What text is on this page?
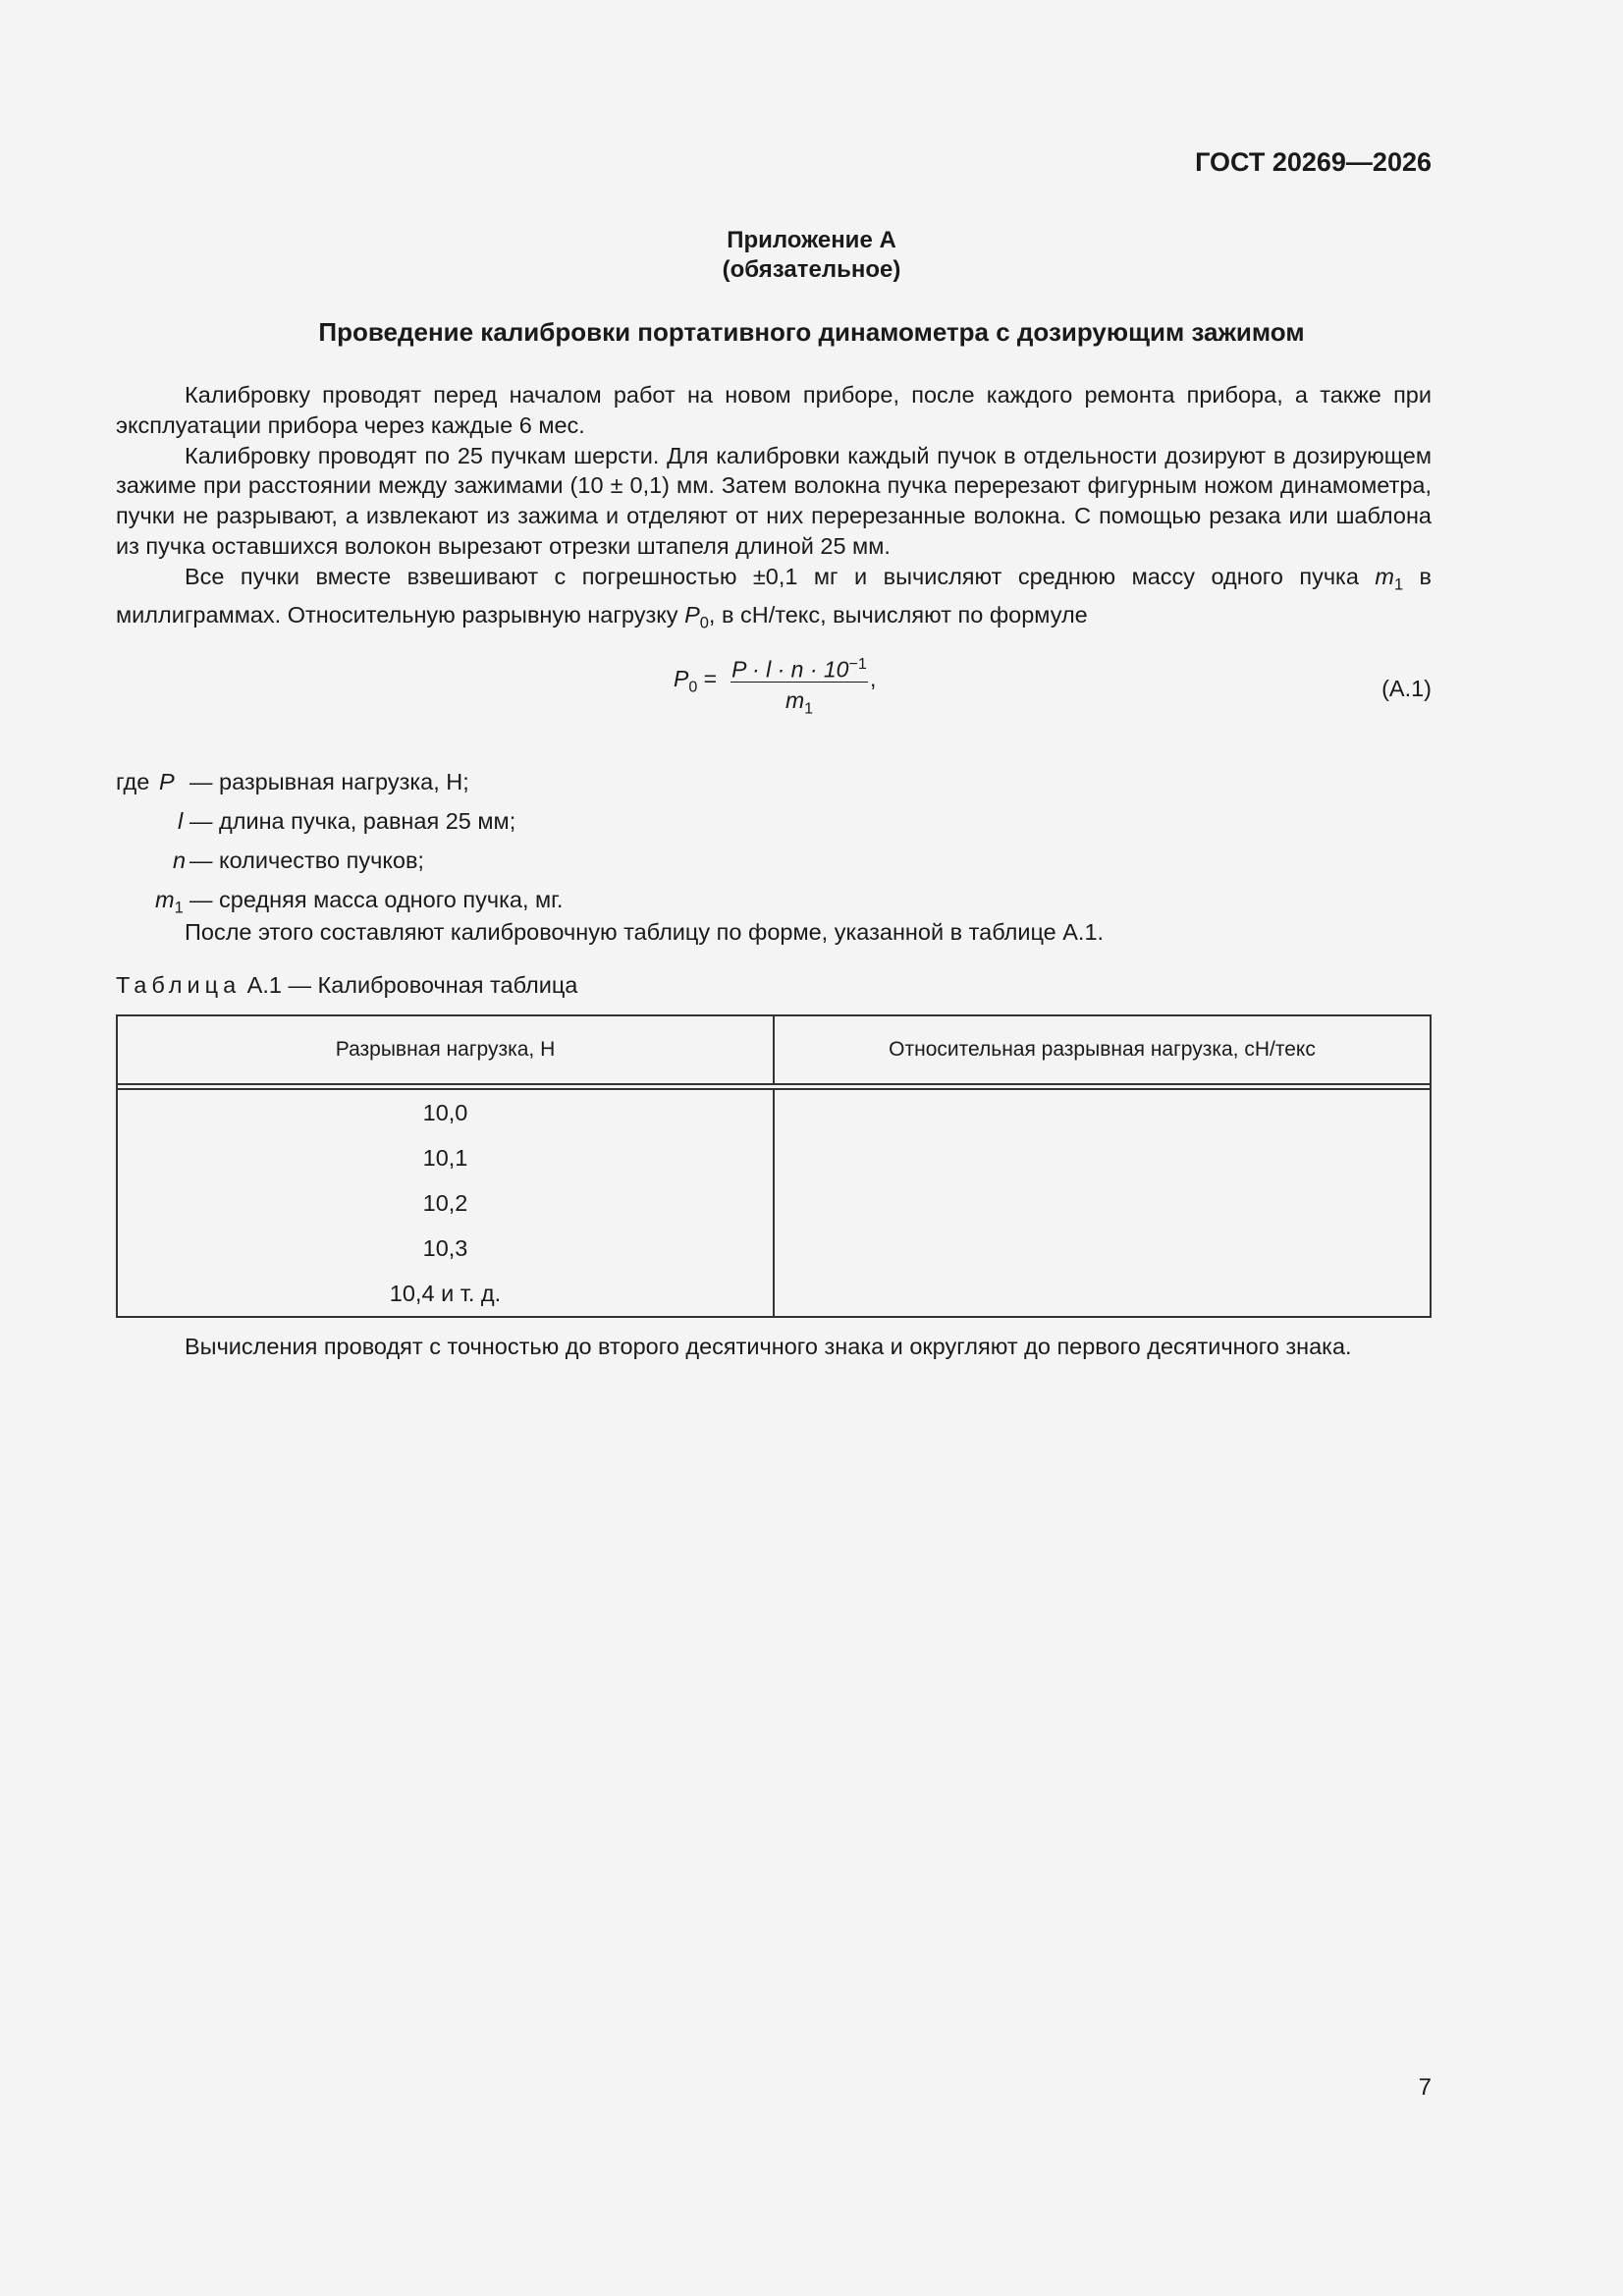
ГОСТ 20269—2026
Приложение А
(обязательное)
Проведение калибровки портативного динамометра с дозирующим зажимом

Калибровку проводят перед началом работ на новом приборе, после каждого ремонта прибора, а также при эксплуатации прибора через каждые 6 мес.

Калибровку проводят по 25 пучкам шерсти. Для калибровки каждый пучок в отдельности дозируют в дозирующем зажиме при расстоянии между зажимами (10 ± 0,1) мм. Затем волокна пучка перерезают фигурным ножом динамометра, пучки не разрывают, а извлекают из зажима и отделяют от них перерезанные волокна. С помощью резака или шаблона из пучка оставшихся волокон вырезают отрезки штапеля длиной 25 мм.

Все пучки вместе взвешивают с погрешностью ±0,1 мг и вычисляют среднюю массу одного пучка $m_1$ в миллиграммах. Относительную разрывную нагрузку $P_0$, в сН/текс, вычисляют по формуле

$P_0 = P \cdot l \cdot n \cdot 10^{-1}$
$m_1$
,	(А.1)
где P — разрывная нагрузка, Н;
l — длина пучка, равная 25 мм;
n — количество пучков;
$m_1$ — средняя масса одного пучка, мг.
После этого составляют калибровочную таблицу по форме, указанной в таблице А.1.
Таблица А.1 — Калибровочная таблица
Разрывная нагрузка, Н	Относительная разрывная нагрузка, сН/текс

10,0	
10,1	
10,2	
10,3	
10,4 и т. д.	
Вычисления проводят с точностью до второго десятичного знака и округляют до первого десятичного знака.
7
